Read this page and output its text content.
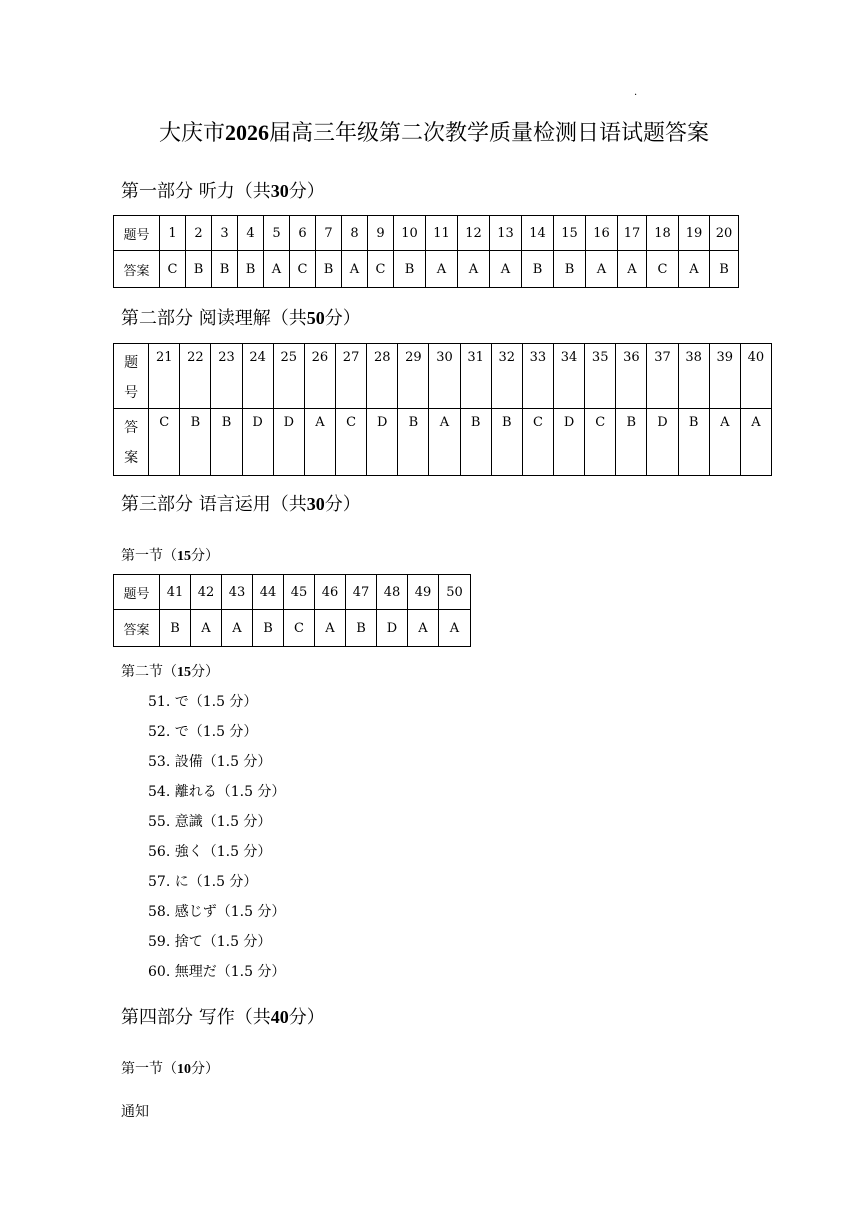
.
大庆市2026届高三年级第二次教学质量检测日语试题答案
第一部分 听力（共30分）
题号	1	2	3	4	5	6	7	8	9	10	11	12	13	14	15	16	17	18	19	20
答案	C	B	B	B	A	C	B	A	C	B	A	A	A	B	B	A	A	C	A	B
第二部分 阅读理解（共50分）
题
号	21	22	23	24	25	26	27	28	29	30	31	32	33	34	35	36	37	38	39	40
答
案	C	B	B	D	D	A	C	D	B	A	B	B	C	D	C	B	D	B	A	A
第三部分 语言运用（共30分）
第一节（15分）
题号	41	42	43	44	45	46	47	48	49	50
答案	B	A	A	B	C	A	B	D	A	A
第二节（15分）
51. で（1.5 分）
52. で（1.5 分）
53. 設備（1.5 分）
54. 離れる（1.5 分）
55. 意識（1.5 分）
56. 強く（1.5 分）
57. に（1.5 分）
58. 感じず（1.5 分）
59. 捨て（1.5 分）
60. 無理だ（1.5 分）
第四部分 写作（共40分）
第一节（10分）
通知
